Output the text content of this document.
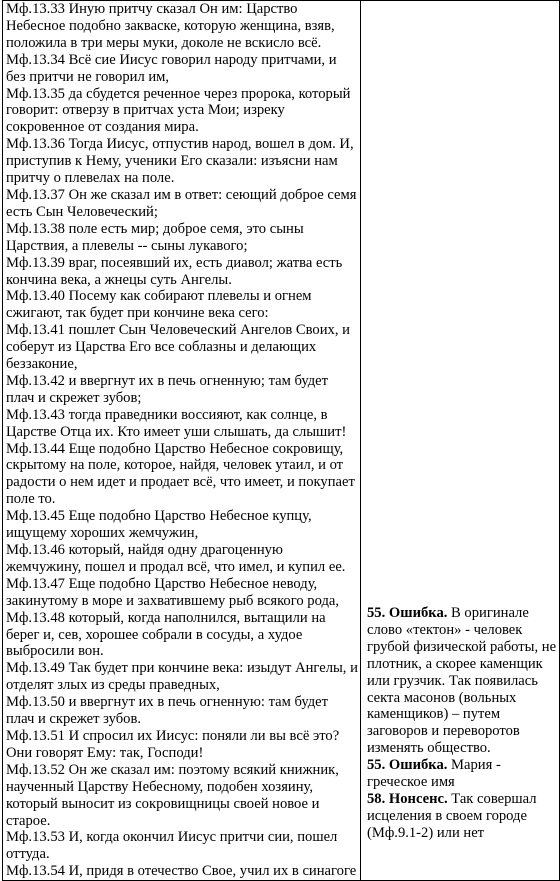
Мф.13.33 Иную притчу сказал Он им: Царство Небесное подобно закваске, которую женщина, взяв, положила в три меры муки, доколе не вскисло всё.
Мф.13.34 Всё сие Иисус говорил народу притчами, и без притчи не говорил им,
Мф.13.35 да сбудется реченное через пророка, который говорит: отверзу в притчах уста Мои; изреку сокровенное от создания мира.
Мф.13.36 Тогда Иисус, отпустив народ, вошел в дом. И, приступив к Нему, ученики Его сказали: изъясни нам притчу о плевелах на поле.
Мф.13.37 Он же сказал им в ответ: сеющий доброе семя есть Сын Человеческий;
Мф.13.38 поле есть мир; доброе семя, это сыны Царствия, а плевелы -- сыны лукавого;
Мф.13.39 враг, посеявший их, есть диавол; жатва есть кончина века, а жнецы суть Ангелы.
Мф.13.40 Посему как собирают плевелы и огнем сжигают, так будет при кончине века сего:
Мф.13.41 пошлет Сын Человеческий Ангелов Своих, и соберут из Царства Его все соблазны и делающих беззаконие,
Мф.13.42 и ввергнут их в печь огненную; там будет плач и скрежет зубов;
Мф.13.43 тогда праведники воссияют, как солнце, в Царстве Отца их. Кто имеет уши слышать, да слышит!
Мф.13.44 Еще подобно Царство Небесное сокровищу, скрытому на поле, которое, найдя, человек утаил, и от радости о нем идет и продает всё, что имеет, и покупает поле то.
Мф.13.45 Еще подобно Царство Небесное купцу, ищущему хороших жемчужин,
Мф.13.46 который, найдя одну драгоценную жемчужину, пошел и продал всё, что имел, и купил ее.
Мф.13.47 Еще подобно Царство Небесное неводу, закинутому в море и захватившему рыб всякого рода,
Мф.13.48 который, когда наполнился, вытащили на берег и, сев, хорошее собрали в сосуды, а худое выбросили вон.
Мф.13.49 Так будет при кончине века: изыдут Ангелы, и отделят злых из среды праведных,
Мф.13.50 и ввергнут их в печь огненную: там будет плач и скрежет зубов.
Мф.13.51 И спросил их Иисус: поняли ли вы всё это? Они говорят Ему: так, Господи!
Мф.13.52 Он же сказал им: поэтому всякий книжник, наученный Царству Небесному, подобен хозяину, который выносит из сокровищницы своей новое и старое.
Мф.13.53 И, когда окончил Иисус притчи сии, пошел оттуда.
Мф.13.54 И, придя в отечество Свое, учил их в синагоге

55. Ошибка. В оригинале слово «тектон» - человек грубой физической работы, не плотник, а скорее каменщик или грузчик. Так появилась секта масонов (вольных каменщиков) – путем заговоров и переворотов изменять общество.
55. Ошибка. Мария - греческое имя
58. Нонсенс. Так совершал исцеления в своем городе (Мф.9.1-2) или нет
